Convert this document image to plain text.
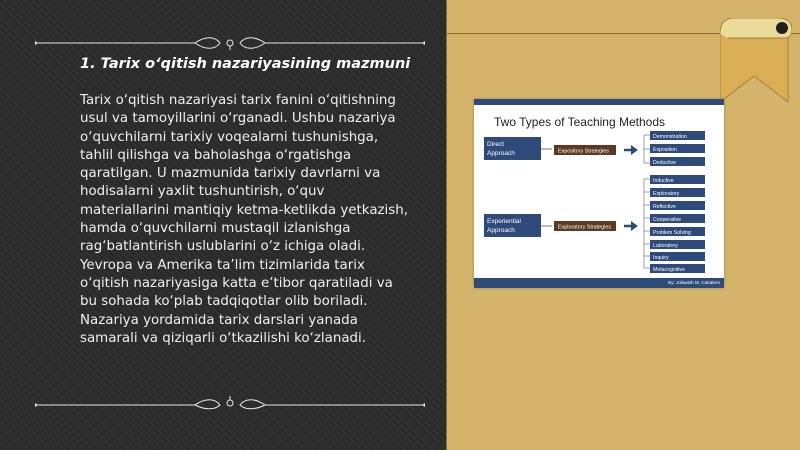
1. Tarix o‘qitish nazariyasining mazmuni
Tarix o‘qitish nazariyasi tarix fanini o‘qitishning usul va tamoyillarini o‘rganadi. Ushbu nazariya o‘quvchilarni tarixiy voqealarni tushunishga, tahlil qilishga va baholashga o‘rgatishga qaratilgan. U mazmunida tarixiy davrlarni va hodisalarni yaxlit tushuntirish, o‘quv materiallarini mantiqiy ketma-ketlikda yetkazish, hamda o‘quvchilarni mustaqil izlanishga rag‘batlantirish uslublarini o‘z ichiga oladi. Yevropa va Amerika ta’lim tizimlarida tarix o‘qitish nazariyasiga katta e’tibor qaratiladi va bu sohada ko‘plab tadqiqotlar olib boriladi. Nazariya yordamida tarix darslari yanada samarali va qiziqarli o‘tkazilishi ko‘zlanadi.
Two Types of Teaching Methods
Direct
Approach	Expository Strategies
Demonstration
Exposition
Deductive
Experiential
Approach	Exploratory Strategies
Inductive
Exploratory
Reflective
Cooperative
Problem Solving
Laboratory
Inquiry
Metacognitive
By: Jolawish M. Cabalero
